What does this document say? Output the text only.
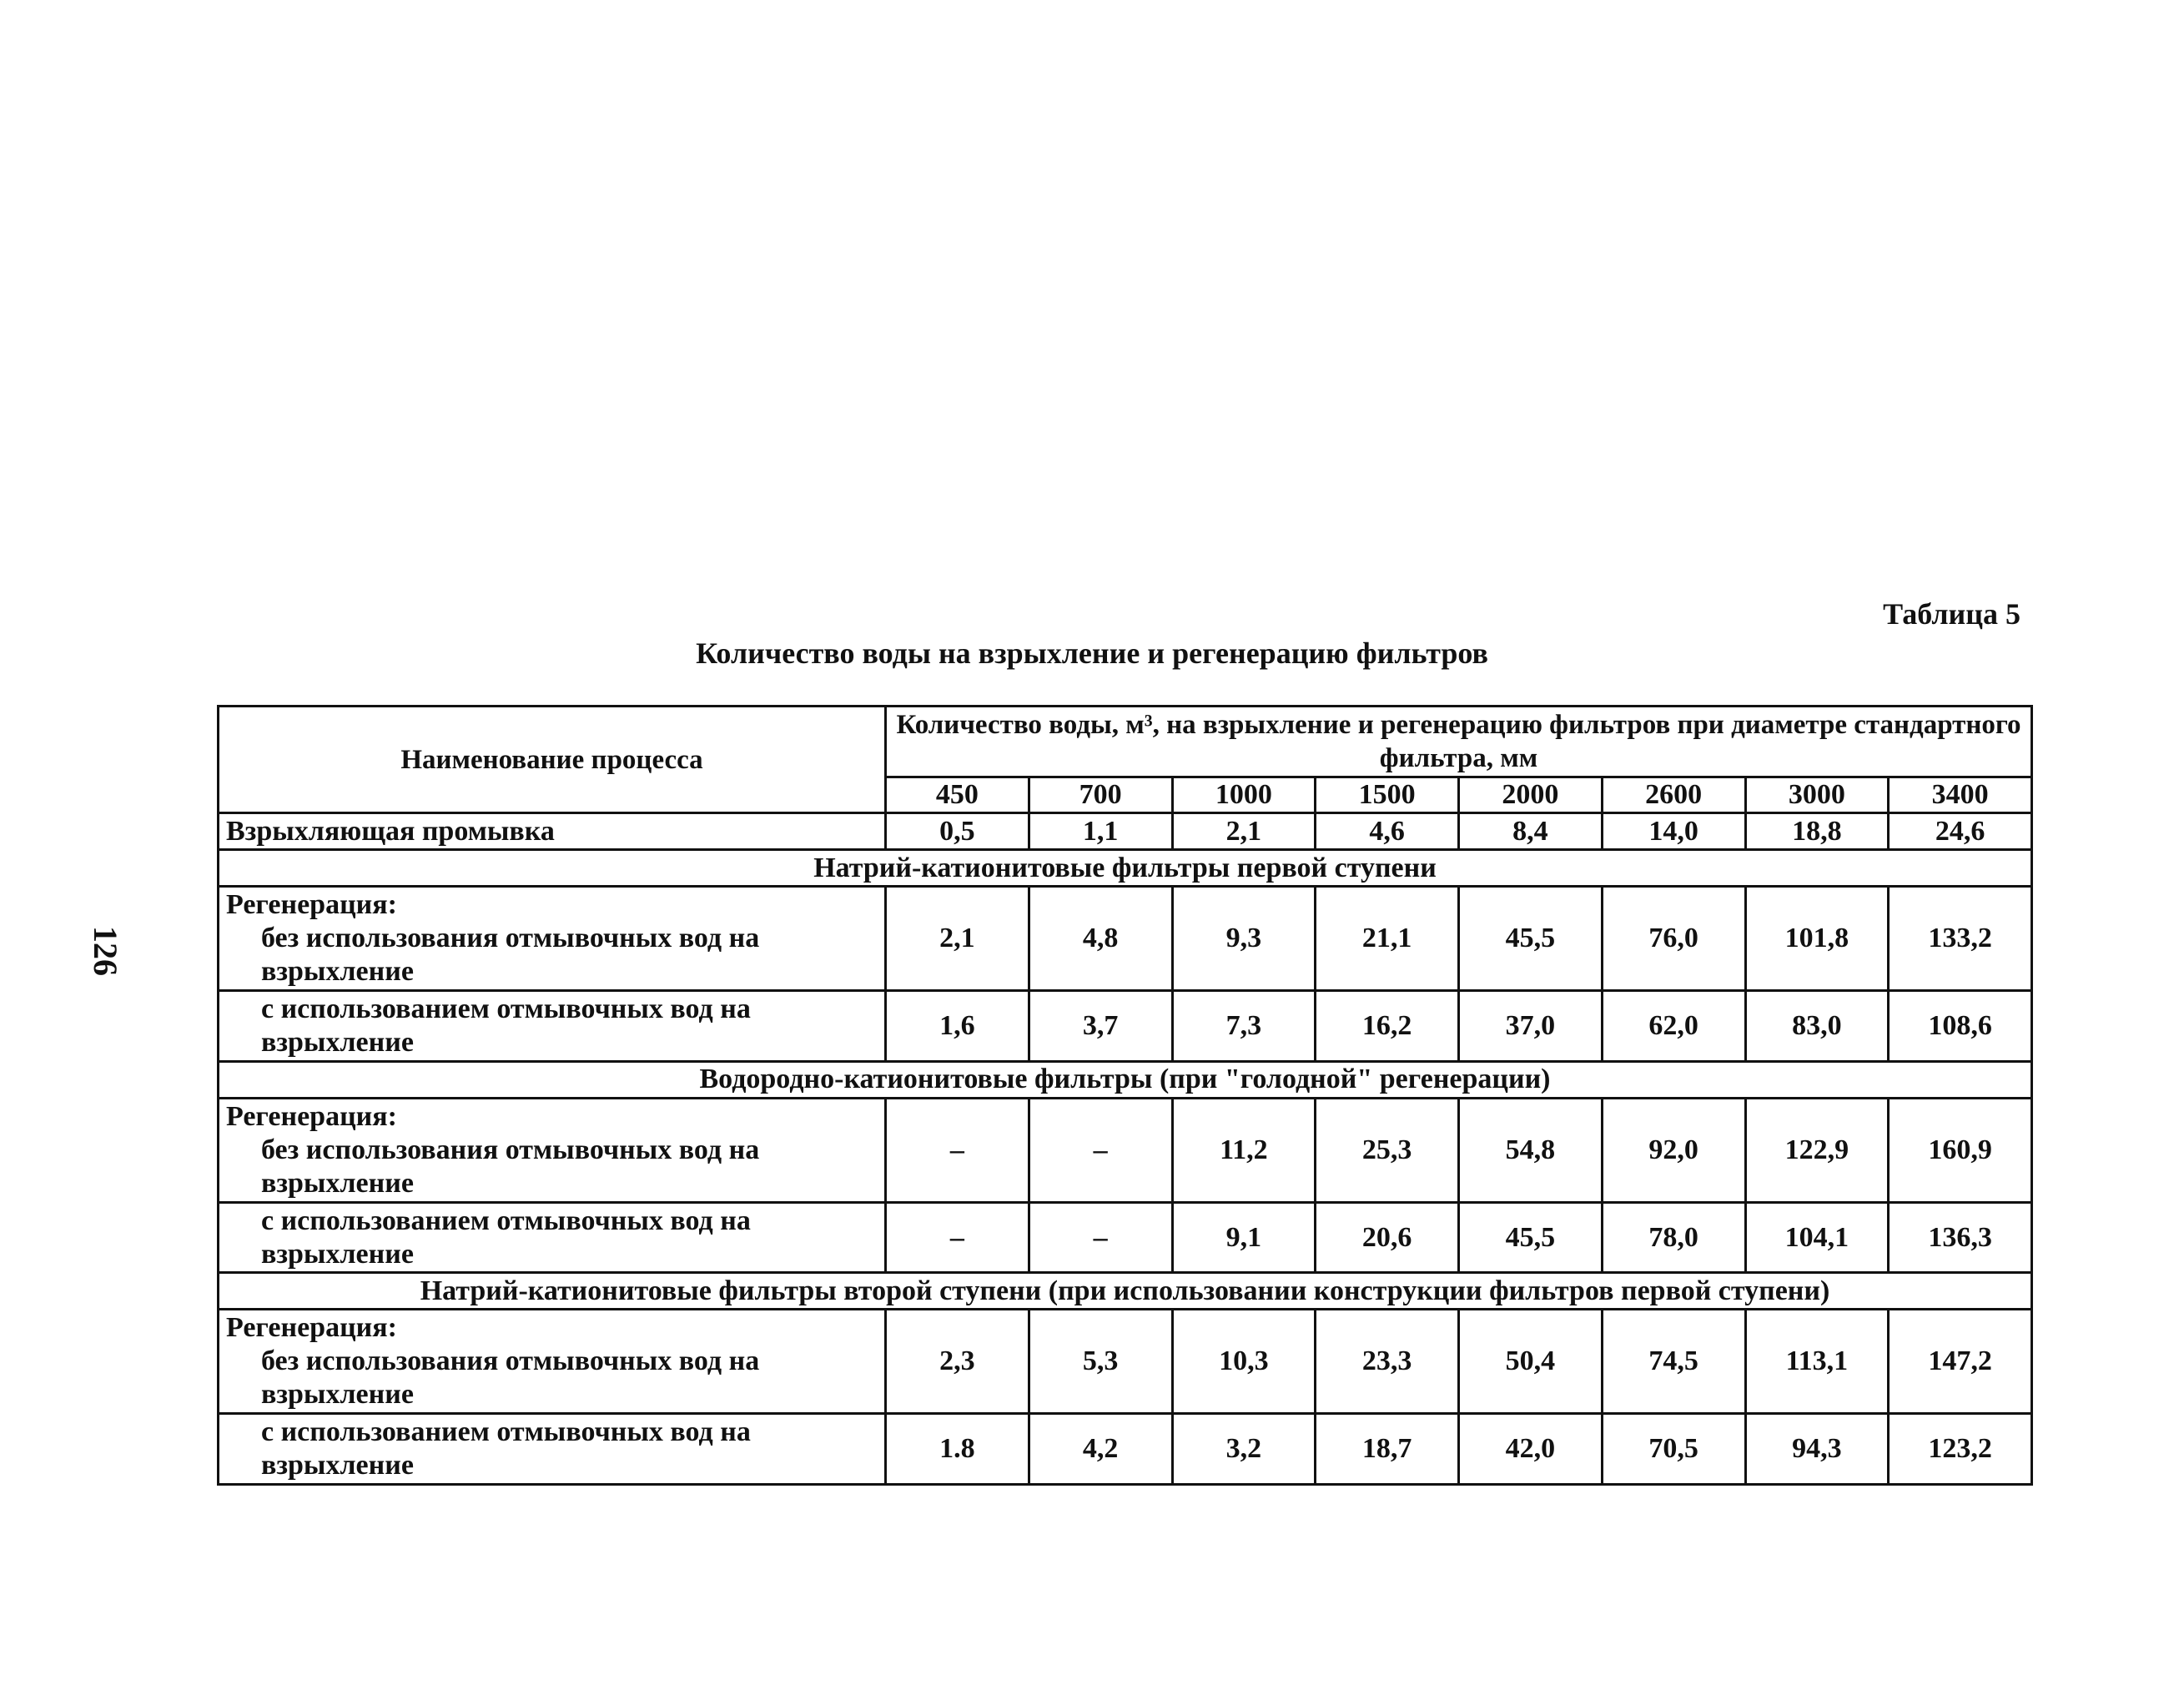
126
Таблица 5
Количество воды на взрыхление и регенерацию фильтров
Наименование процесса	Количество воды, м³, на взрыхление и регенерацию фильтров при диаметре стандартного фильтра, мм							
	450	700	1000	1500	2000	2600	3000	3400
Взрыхляющая промывка	0,5	1,1	2,1	4,6	8,4	14,0	18,8	24,6
Натрий-катионитовые фильтры первой ступени								

Регенерация:
без использования отмывочных вод на взрыхление	2,1	4,8	9,3	21,1	45,5	76,0	101,8	133,2

с использованием отмывочных вод на взрыхление	1,6	3,7	7,3	16,2	37,0	62,0	83,0	108,6
Водородно-катионитовые фильтры (при "голодной" регенерации)								

Регенерация:
без использования отмывочных вод на взрыхление	–	–	11,2	25,3	54,8	92,0	122,9	160,9

с использованием отмывочных вод на взрыхление	–	–	9,1	20,6	45,5	78,0	104,1	136,3
Натрий-катионитовые фильтры второй ступени (при использовании конструкции фильтров первой ступени)								

Регенерация:
без использования отмывочных вод на взрыхление	2,3	5,3	10,3	23,3	50,4	74,5	113,1	147,2

с использованием отмывочных вод на взрыхление	1.8	4,2	3,2	18,7	42,0	70,5	94,3	123,2
